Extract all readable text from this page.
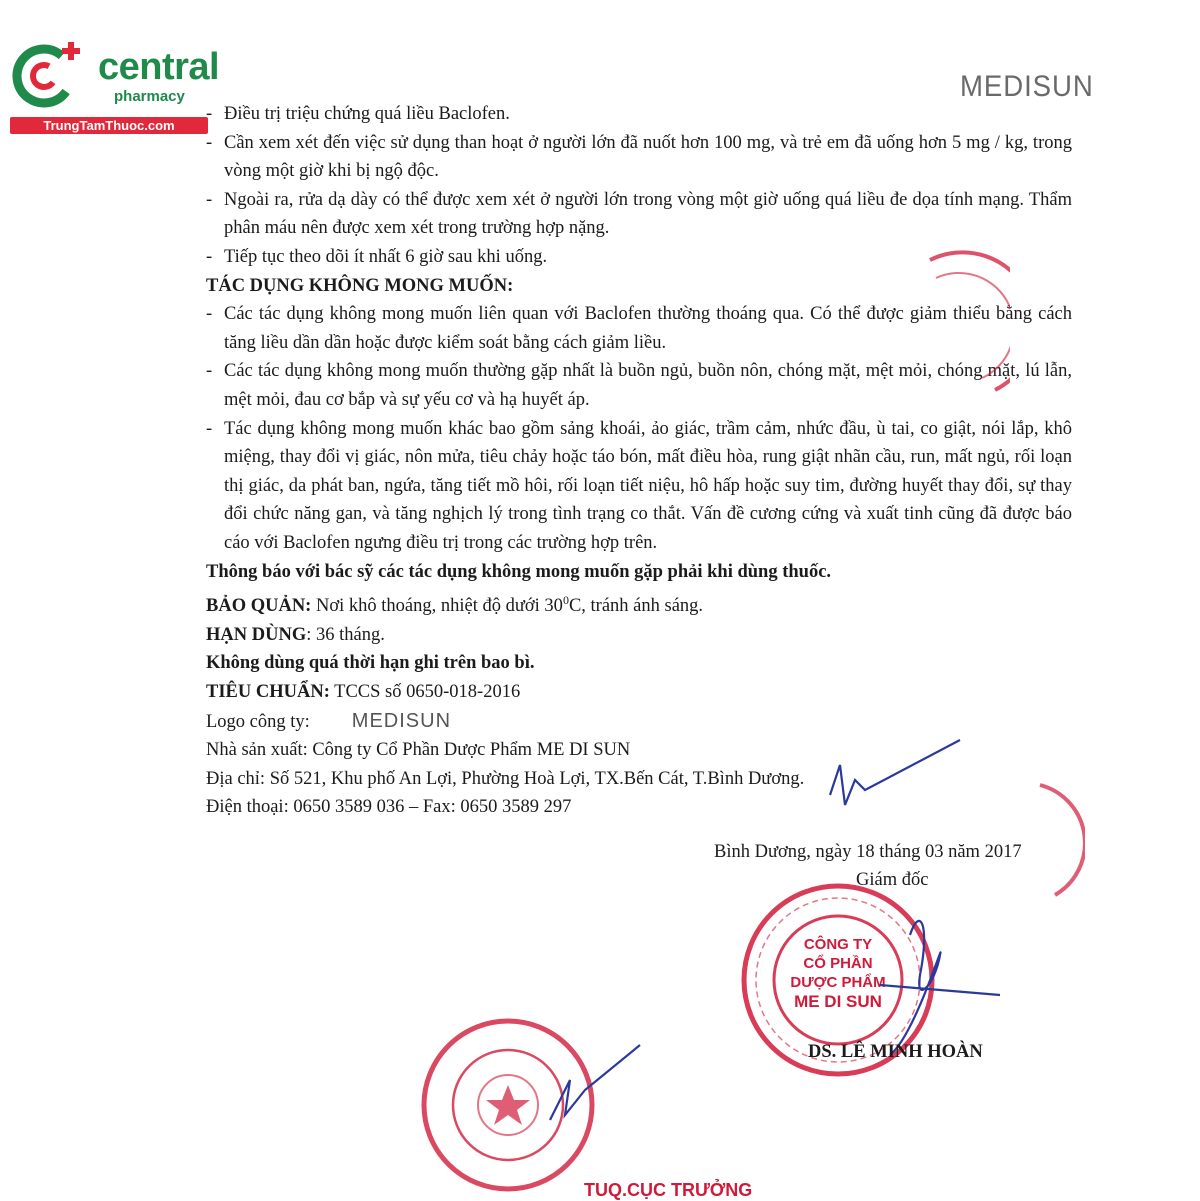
central
pharmacy
TrungTamThuoc.com
MEDISUN
- Điều trị triệu chứng quá liều Baclofen.
- Cần xem xét đến việc sử dụng than hoạt ở người lớn đã nuốt hơn 100 mg, và trẻ em đã uống hơn 5 mg / kg, trong vòng một giờ khi bị ngộ độc.
- Ngoài ra, rửa dạ dày có thể được xem xét ở người lớn trong vòng một giờ uống quá liều đe dọa tính mạng. Thẩm phân máu nên được xem xét trong trường hợp nặng.
- Tiếp tục theo dõi ít nhất 6 giờ sau khi uống.
TÁC DỤNG KHÔNG MONG MUỐN:
- Các tác dụng không mong muốn liên quan với Baclofen thường thoáng qua. Có thể được giảm thiểu bằng cách tăng liều dần dần hoặc được kiểm soát bằng cách giảm liều.
- Các tác dụng không mong muốn thường gặp nhất là buồn ngủ, buồn nôn, chóng mặt, mệt mỏi, chóng mặt, lú lẫn, mệt mỏi, đau cơ bắp và sự yếu cơ và hạ huyết áp.
- Tác dụng không mong muốn khác bao gồm sảng khoái, ảo giác, trầm cảm, nhức đầu, ù tai, co giật, nói lắp, khô miệng, thay đổi vị giác, nôn mửa, tiêu chảy hoặc táo bón, mất điều hòa, rung giật nhãn cầu, run, mất ngủ, rối loạn thị giác, da phát ban, ngứa, tăng tiết mồ hôi, rối loạn tiết niệu, hô hấp hoặc suy tim, đường huyết thay đổi, sự thay đổi chức năng gan, và tăng nghịch lý trong tình trạng co thắt. Vấn đề cương cứng và xuất tinh cũng đã được báo cáo với Baclofen ngưng điều trị trong các trường hợp trên.
Thông báo với bác sỹ các tác dụng không mong muốn gặp phải khi dùng thuốc.
BẢO QUẢN: Nơi khô thoáng, nhiệt độ dưới $30^0C$, tránh ánh sáng.
HẠN DÙNG: 36 tháng.
Không dùng quá thời hạn ghi trên bao bì.
TIÊU CHUẨN: TCCS số 0650-018-2016
Logo công ty: MEDISUN
Nhà sản xuất: Công ty Cổ Phần Dược Phẩm ME DI SUN
Địa chỉ: Số 521, Khu phố An Lợi, Phường Hoà Lợi, TX.Bến Cát, T.Bình Dương.
Điện thoại: 0650 3589 036 – Fax: 0650 3589 297
Bình Dương, ngày 18 tháng 03 năm 2017
Giám đốc
CÔNG TY
CỔ PHẦN
DƯỢC PHẨM
ME DI SUN
DS. LÊ MINH HOÀN
TUQ.CỤC TRƯỞNG
